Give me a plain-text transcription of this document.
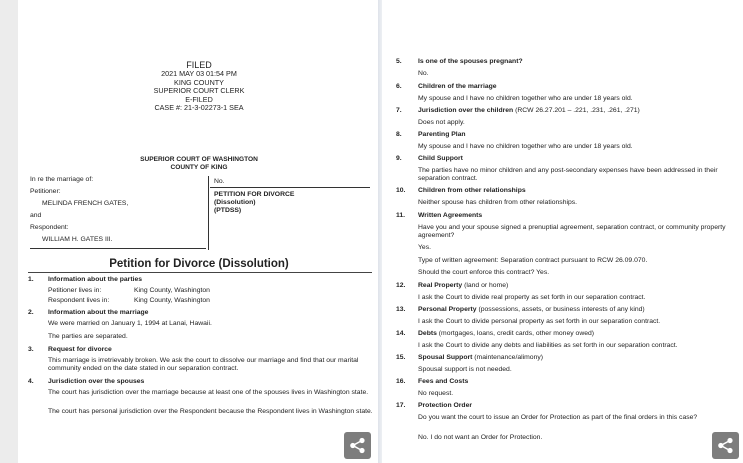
FILED
2021 MAY 03 01:54 PM
KING COUNTY
SUPERIOR COURT CLERK
E-FILED
CASE #: 21-3-02273-1 SEA
SUPERIOR COURT OF WASHINGTON
COUNTY OF KING
In re the marriage of:
Petitioner:
MELINDA FRENCH GATES,
and
Respondent:
WILLIAM H. GATES III.
No.
PETITION FOR DIVORCE
(Dissolution)
(PTDSS)
Petition for Divorce (Dissolution)
1. Information about the parties
Petitioner lives in:	King County, Washington
Respondent lives in:	King County, Washington
2. Information about the marriage
We were married on January 1, 1994 at Lanai, Hawaii.
The parties are separated.
3. Request for divorce
This marriage is irretrievably broken. We ask the court to dissolve our marriage and find that our marital community ended on the date stated in our separation contract.
4. Jurisdiction over the spouses
The court has jurisdiction over the marriage because at least one of the spouses lives in Washington state.
The court has personal jurisdiction over the Respondent because the Respondent lives in Washington state.
5. Is one of the spouses pregnant?
No.
6. Children of the marriage
My spouse and I have no children together who are under 18 years old.
7. Jurisdiction over the children (RCW 26.27.201 – .221, .231, .261, .271)
Does not apply.
8. Parenting Plan
My spouse and I have no children together who are under 18 years old.
9. Child Support
The parties have no minor children and any post-secondary expenses have been addressed in their separation contract.
10. Children from other relationships
Neither spouse has children from other relationships.
11. Written Agreements
Have you and your spouse signed a prenuptial agreement, separation contract, or community property agreement?
Yes.
Type of written agreement: Separation contract pursuant to RCW 26.09.070.
Should the court enforce this contract? Yes.
12. Real Property (land or home)
I ask the Court to divide real property as set forth in our separation contract.
13. Personal Property (possessions, assets, or business interests of any kind)
I ask the Court to divide personal property as set forth in our separation contract.
14. Debts (mortgages, loans, credit cards, other money owed)
I ask the Court to divide any debts and liabilities as set forth in our separation contract.
15. Spousal Support (maintenance/alimony)
Spousal support is not needed.
16. Fees and Costs
No request.
17. Protection Order
Do you want the court to issue an Order for Protection as part of the final orders in this case?
No. I do not want an Order for Protection.
